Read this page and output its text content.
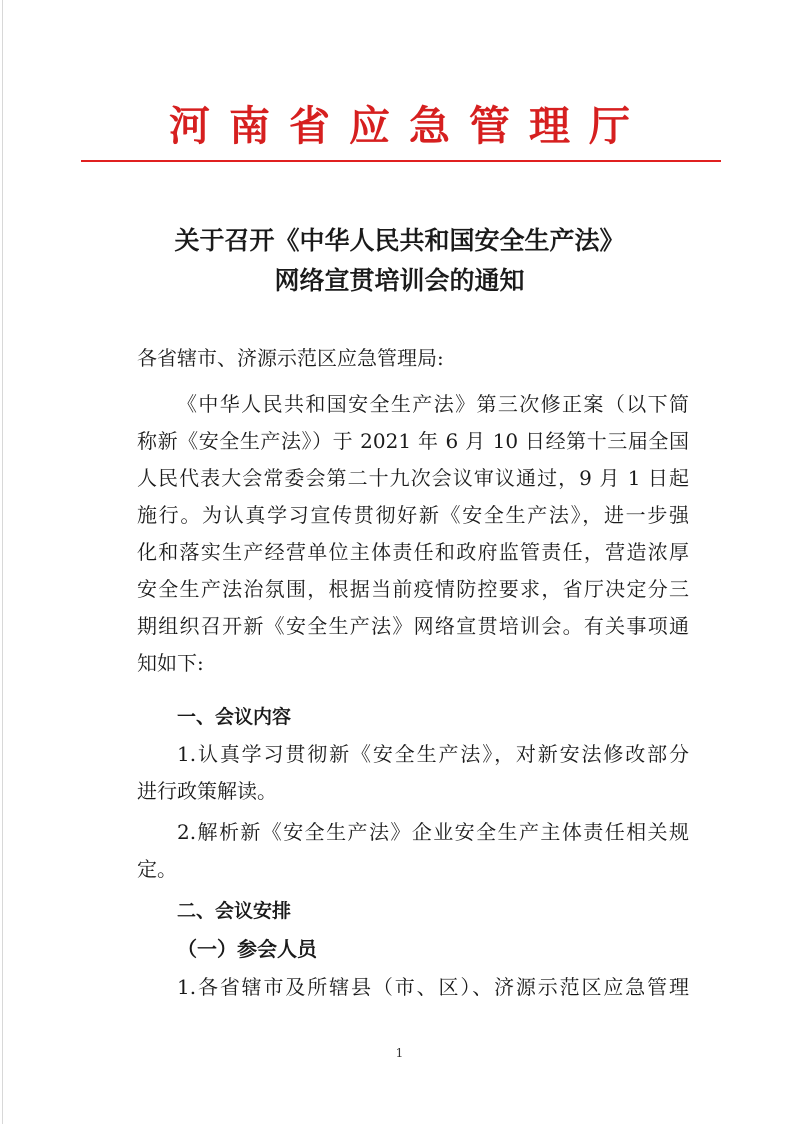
河南省应急管理厅
关于召开《中华人民共和国安全生产法》
网络宣贯培训会的通知
各省辖市、济源示范区应急管理局:
《中华人民共和国安全生产法》第三次修正案（以下简
称新《安全生产法》）于 2021 年 6 月 10 日经第十三届全国
人民代表大会常委会第二十九次会议审议通过，9 月 1 日起
施行。为认真学习宣传贯彻好新《安全生产法》，进一步强
化和落实生产经营单位主体责任和政府监管责任，营造浓厚
安全生产法治氛围，根据当前疫情防控要求，省厅决定分三
期组织召开新《安全生产法》网络宣贯培训会。有关事项通
知如下:
一、会议内容
1.认真学习贯彻新《安全生产法》，对新安法修改部分
进行政策解读。
2.解析新《安全生产法》企业安全生产主体责任相关规
定。
二、会议安排
（一）参会人员
1.各省辖市及所辖县（市、区）、济源示范区应急管理
1
